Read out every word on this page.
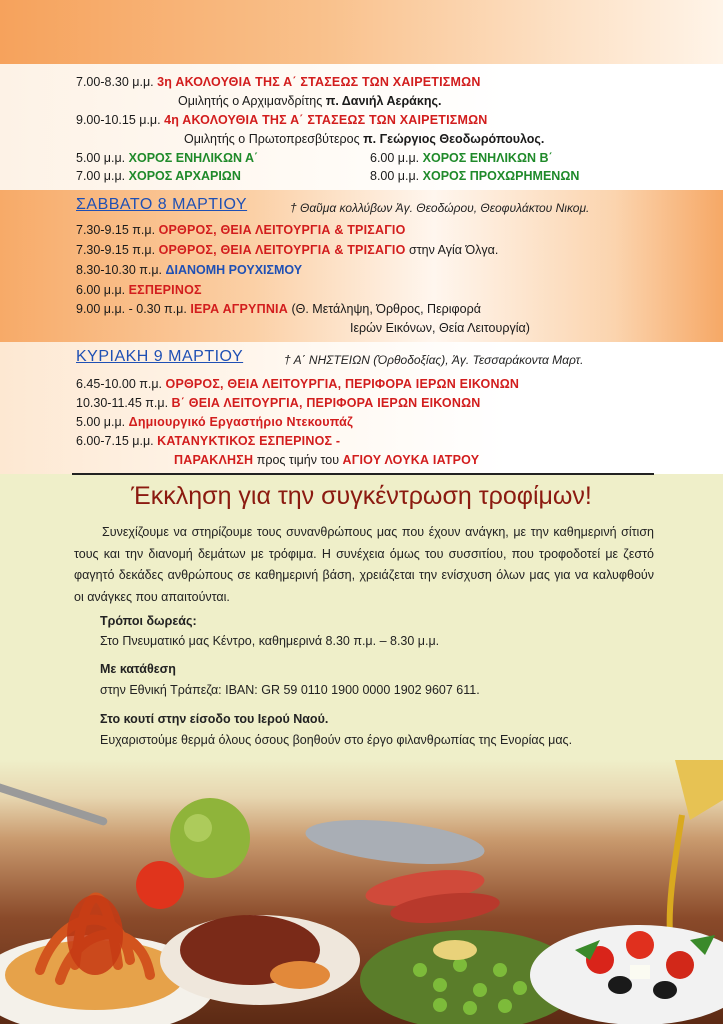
7.00-8.30 μ.μ. 3η ΑΚΟΛΟΥΘΙΑ ΤΗΣ Α΄ ΣΤΑΣΕΩΣ ΤΩΝ ΧΑΙΡΕΤΙΣΜΩΝ
Ομιλητής ο Αρχιμανδρίτης π. Δανιήλ Αεράκης.
9.00-10.15 μ.μ. 4η ΑΚΟΛΟΥΘΙΑ ΤΗΣ Α΄ ΣΤΑΣΕΩΣ ΤΩΝ ΧΑΙΡΕΤΙΣΜΩΝ
Ομιλητής ο Πρωτοπρεσβύτερος π. Γεώργιος Θεοδωρόπουλος.
5.00 μ.μ. ΧΟΡΟΣ ΕΝΗΛΙΚΩΝ Α΄	6.00 μ.μ. ΧΟΡΟΣ ΕΝΗΛΙΚΩΝ Β΄
7.00 μ.μ. ΧΟΡΟΣ ΑΡΧΑΡΙΩΝ	8.00 μ.μ. ΧΟΡΟΣ ΠΡΟΧΩΡΗΜΕΝΩΝ
ΣΑΒΒΑΤΟ 8 ΜΑΡΤΙΟΥ	† Θαῦμα κολλύβων Ἁγ. Θεοδώρου, Θεοφυλάκτου Νικομ.
7.30-9.15 π.μ. ΟΡΘΡΟΣ, ΘΕΙΑ ΛΕΙΤΟΥΡΓΙΑ & ΤΡΙΣΑΓΙΟ
7.30-9.15 π.μ. ΟΡΘΡΟΣ, ΘΕΙΑ ΛΕΙΤΟΥΡΓΙΑ & ΤΡΙΣΑΓΙΟ στην Αγία Όλγα.
8.30-10.30 π.μ. ΔΙΑΝΟΜΗ ΡΟΥΧΙΣΜΟΥ
6.00 μ.μ. ΕΣΠΕΡΙΝΟΣ
9.00 μ.μ. - 0.30 π.μ. ΙΕΡΑ ΑΓΡΥΠΝΙΑ (Θ. Μετάληψη, Όρθρος, Περιφορά
Ιερών Εικόνων, Θεία Λειτουργία)
ΚΥΡΙΑΚΗ 9 ΜΑΡΤΙΟΥ	† Α΄ ΝΗΣΤΕΙΩΝ (Ὀρθοδοξίας), Ἁγ. Τεσσαράκοντα Μαρτ.
6.45-10.00 π.μ. ΟΡΘΡΟΣ, ΘΕΙΑ ΛΕΙΤΟΥΡΓΙΑ, ΠΕΡΙΦΟΡΑ ΙΕΡΩΝ ΕΙΚΟΝΩΝ
10.30-11.45 π.μ. Β΄ ΘΕΙΑ ΛΕΙΤΟΥΡΓΙΑ, ΠΕΡΙΦΟΡΑ ΙΕΡΩΝ ΕΙΚΟΝΩΝ
5.00 μ.μ. Δημιουργικό Εργαστήριο Ντεκουπάζ
6.00-7.15 μ.μ. ΚΑΤΑΝΥΚΤΙΚΟΣ ΕΣΠΕΡΙΝΟΣ -
ΠΑΡΑΚΛΗΣΗ προς τιμήν του ΑΓΙΟΥ ΛΟΥΚΑ ΙΑΤΡΟΥ
Έκκληση για την συγκέντρωση τροφίμων!
Συνεχίζουμε να στηρίζουμε τους συνανθρώπους μας που έχουν ανάγκη, με την καθημερινή σίτιση τους και την διανομή δεμάτων με τρόφιμα. Η συνέχεια όμως του συσσιτίου, που τροφοδοτεί με ζεστό φαγητό δεκάδες ανθρώπους σε καθημερινή βάση, χρειάζεται την ενίσχυση όλων μας για να καλυφθούν οι ανάγκες που απαιτούνται.
Τρόποι δωρεάς:
Στο Πνευματικό μας Κέντρο, καθημερινά 8.30 π.μ. – 8.30 μ.μ.
Με κατάθεση
στην Εθνική Τράπεζα: IBAN: GR 59 0110 1900 0000 1902 9607 611.
Στο κουτί στην είσοδο του Ιερού Ναού.
Ευχαριστούμε θερμά όλους όσους βοηθούν στο έργο φιλανθρωπίας της Ενορίας μας.
